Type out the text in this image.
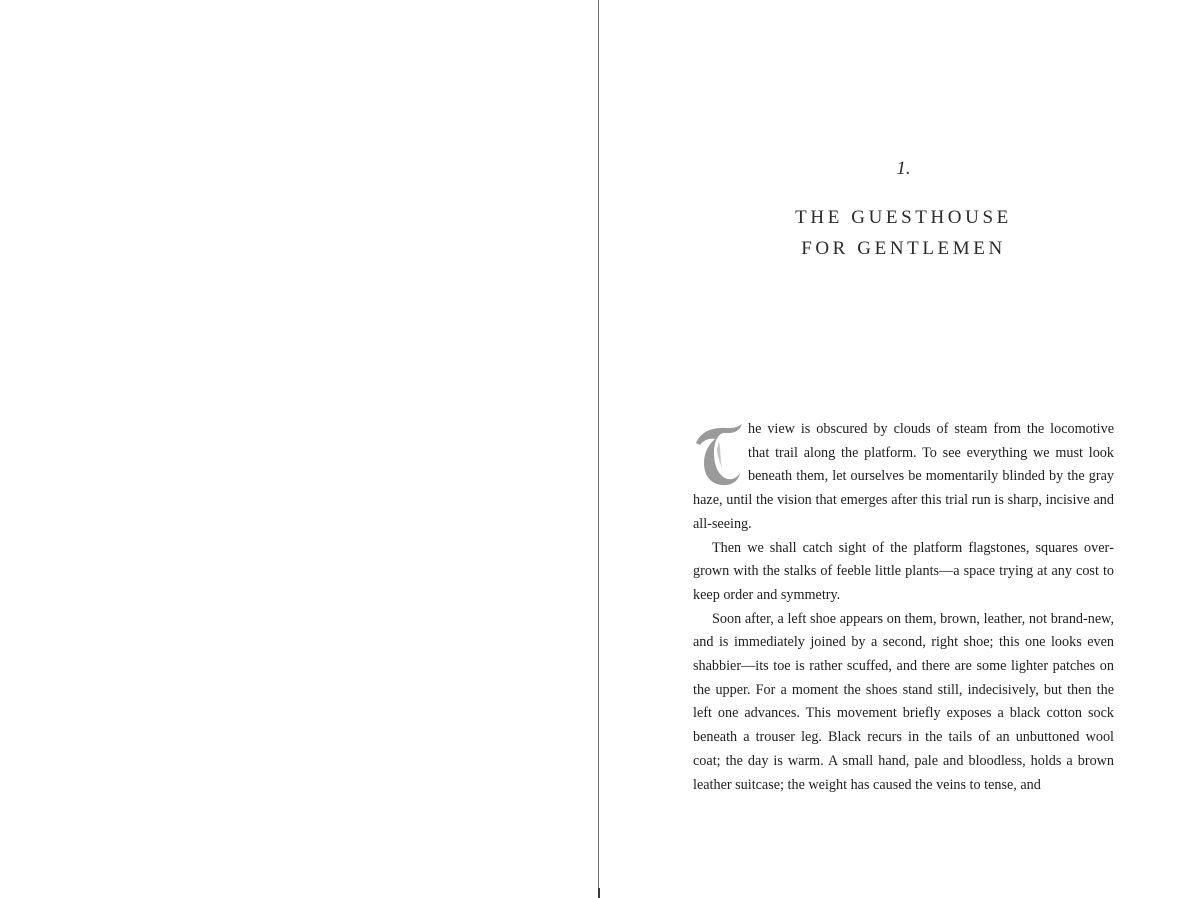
1.
THE GUESTHOUSE
FOR GENTLEMEN
T	he view is obscured by clouds of steam from the locomotive that trail along the platform. To see everything we must look beneath them, let ourselves be momentarily blinded by the gray haze, until the vision that emerges after this trial run is sharp, incisive and all-seeing.

Then we shall catch sight of the platform flagstones, squares overgrown with the stalks of feeble little plants—a space trying at any cost to keep order and symmetry.

Soon after, a left shoe appears on them, brown, leather, not brand-new, and is immediately joined by a second, right shoe; this one looks even shabbier—its toe is rather scuffed, and there are some lighter patches on the upper. For a moment the shoes stand still, indecisively, but then the left one advances. This movement briefly exposes a black cotton sock beneath a trouser leg. Black recurs in the tails of an unbuttoned wool coat; the day is warm. A small hand, pale and bloodless, holds a brown leather suitcase; the weight has caused the veins to tense, and
